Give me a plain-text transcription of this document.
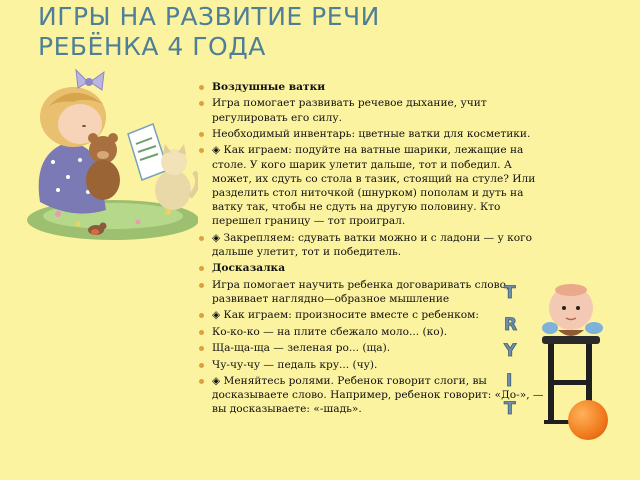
ИГРЫ НА РАЗВИТИЕ РЕЧИ
РЕБЁНКА 4 ГОДА
Воздушные ватки
Игра помогает развивать речевое дыхание, учит регулировать его силу.
Необходимый инвентарь: цветные ватки для косметики.
◈ Как играем: подуйте на ватные шарики, лежащие на столе. У кого шарик улетит дальше, тот и победил. А может, их сдуть со стола в тазик, стоящий на стуле? Или разделить стол ниточкой (шнурком) пополам и дуть на ватку так, чтобы не сдуть на другую половину. Кто перешел границу — тот проиграл.
◈ Закрепляем: сдувать ватки можно и с ладони — у кого дальше улетит, тот и победитель.
Досказалка
Игра помогает научить ребенка договаривать слово, развивает наглядно—образное мышление
◈ Как играем: произносите вместе с ребенком:
Ко-ко-ко — на плите сбежало моло... (ко).
Ща-ща-ща — зеленая ро... (ща).
Чу-чу-чу — педаль кру... (чу).
◈ Меняйтесь ролями. Ребенок говорит слоги, вы досказываете слово. Например, ребенок говорит: «До-», — вы досказываете: «-шадь».
T
R
Y
I
T
